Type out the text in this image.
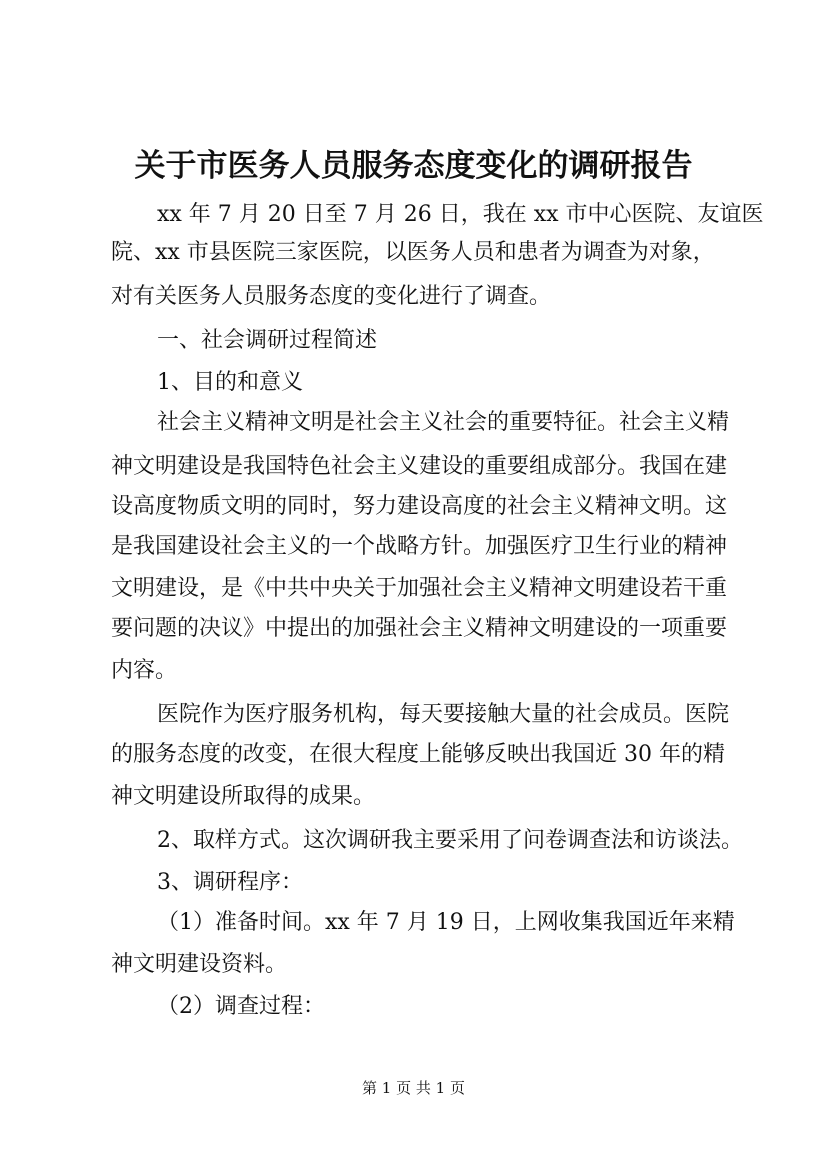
关于市医务人员服务态度变化的调研报告
xx 年 7 月 20 日至 7 月 26 日，我在 xx 市中心医院、友谊医
院、xx 市县医院三家医院，以医务人员和患者为调查为对象，
对有关医务人员服务态度的变化进行了调查。
一、社会调研过程简述
1、目的和意义
社会主义精神文明是社会主义社会的重要特征。社会主义精
神文明建设是我国特色社会主义建设的重要组成部分。我国在建
设高度物质文明的同时，努力建设高度的社会主义精神文明。这
是我国建设社会主义的一个战略方针。加强医疗卫生行业的精神
文明建设，是《中共中央关于加强社会主义精神文明建设若干重
要问题的决议》中提出的加强社会主义精神文明建设的一项重要
内容。
医院作为医疗服务机构，每天要接触大量的社会成员。医院
的服务态度的改变，在很大程度上能够反映出我国近 30 年的精
神文明建设所取得的成果。
2、取样方式。这次调研我主要采用了问卷调查法和访谈法。
3、调研程序：
（1）准备时间。xx 年 7 月 19 日，上网收集我国近年来精
神文明建设资料。
（2）调查过程：
第 1 页 共 1 页
